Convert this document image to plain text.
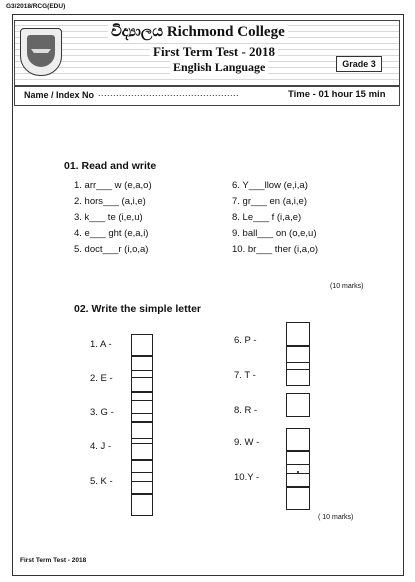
G3/2018/RCG(EDU)
විද්‍යාලය Richmond College
First Term Test - 2018
English Language	Grade 3
Name / Index No ...............................................	Time - 01 hour 15 min
01. Read and write
1. arr___ w (e,a,o)
2. hors___ (a,i,e)
3. k___ te (i,e,u)
4. e___ ght (e,a,i)
5. doct___r (i,o,a)
6. Y___llow (e,i,a)
7. gr___ en (a,i,e)
8. Le___ f (i,a,e)
9. ball___ on (o,e,u)
10. br___ ther (i,a,o)
(10 marks)
02. Write the simple letter
1. A -
2. E -
3. G -
4. J -
5. K -
6. P -
7. T -
8. R -
9. W -
10.Y -
( 10 marks)
First Term Test - 2018
